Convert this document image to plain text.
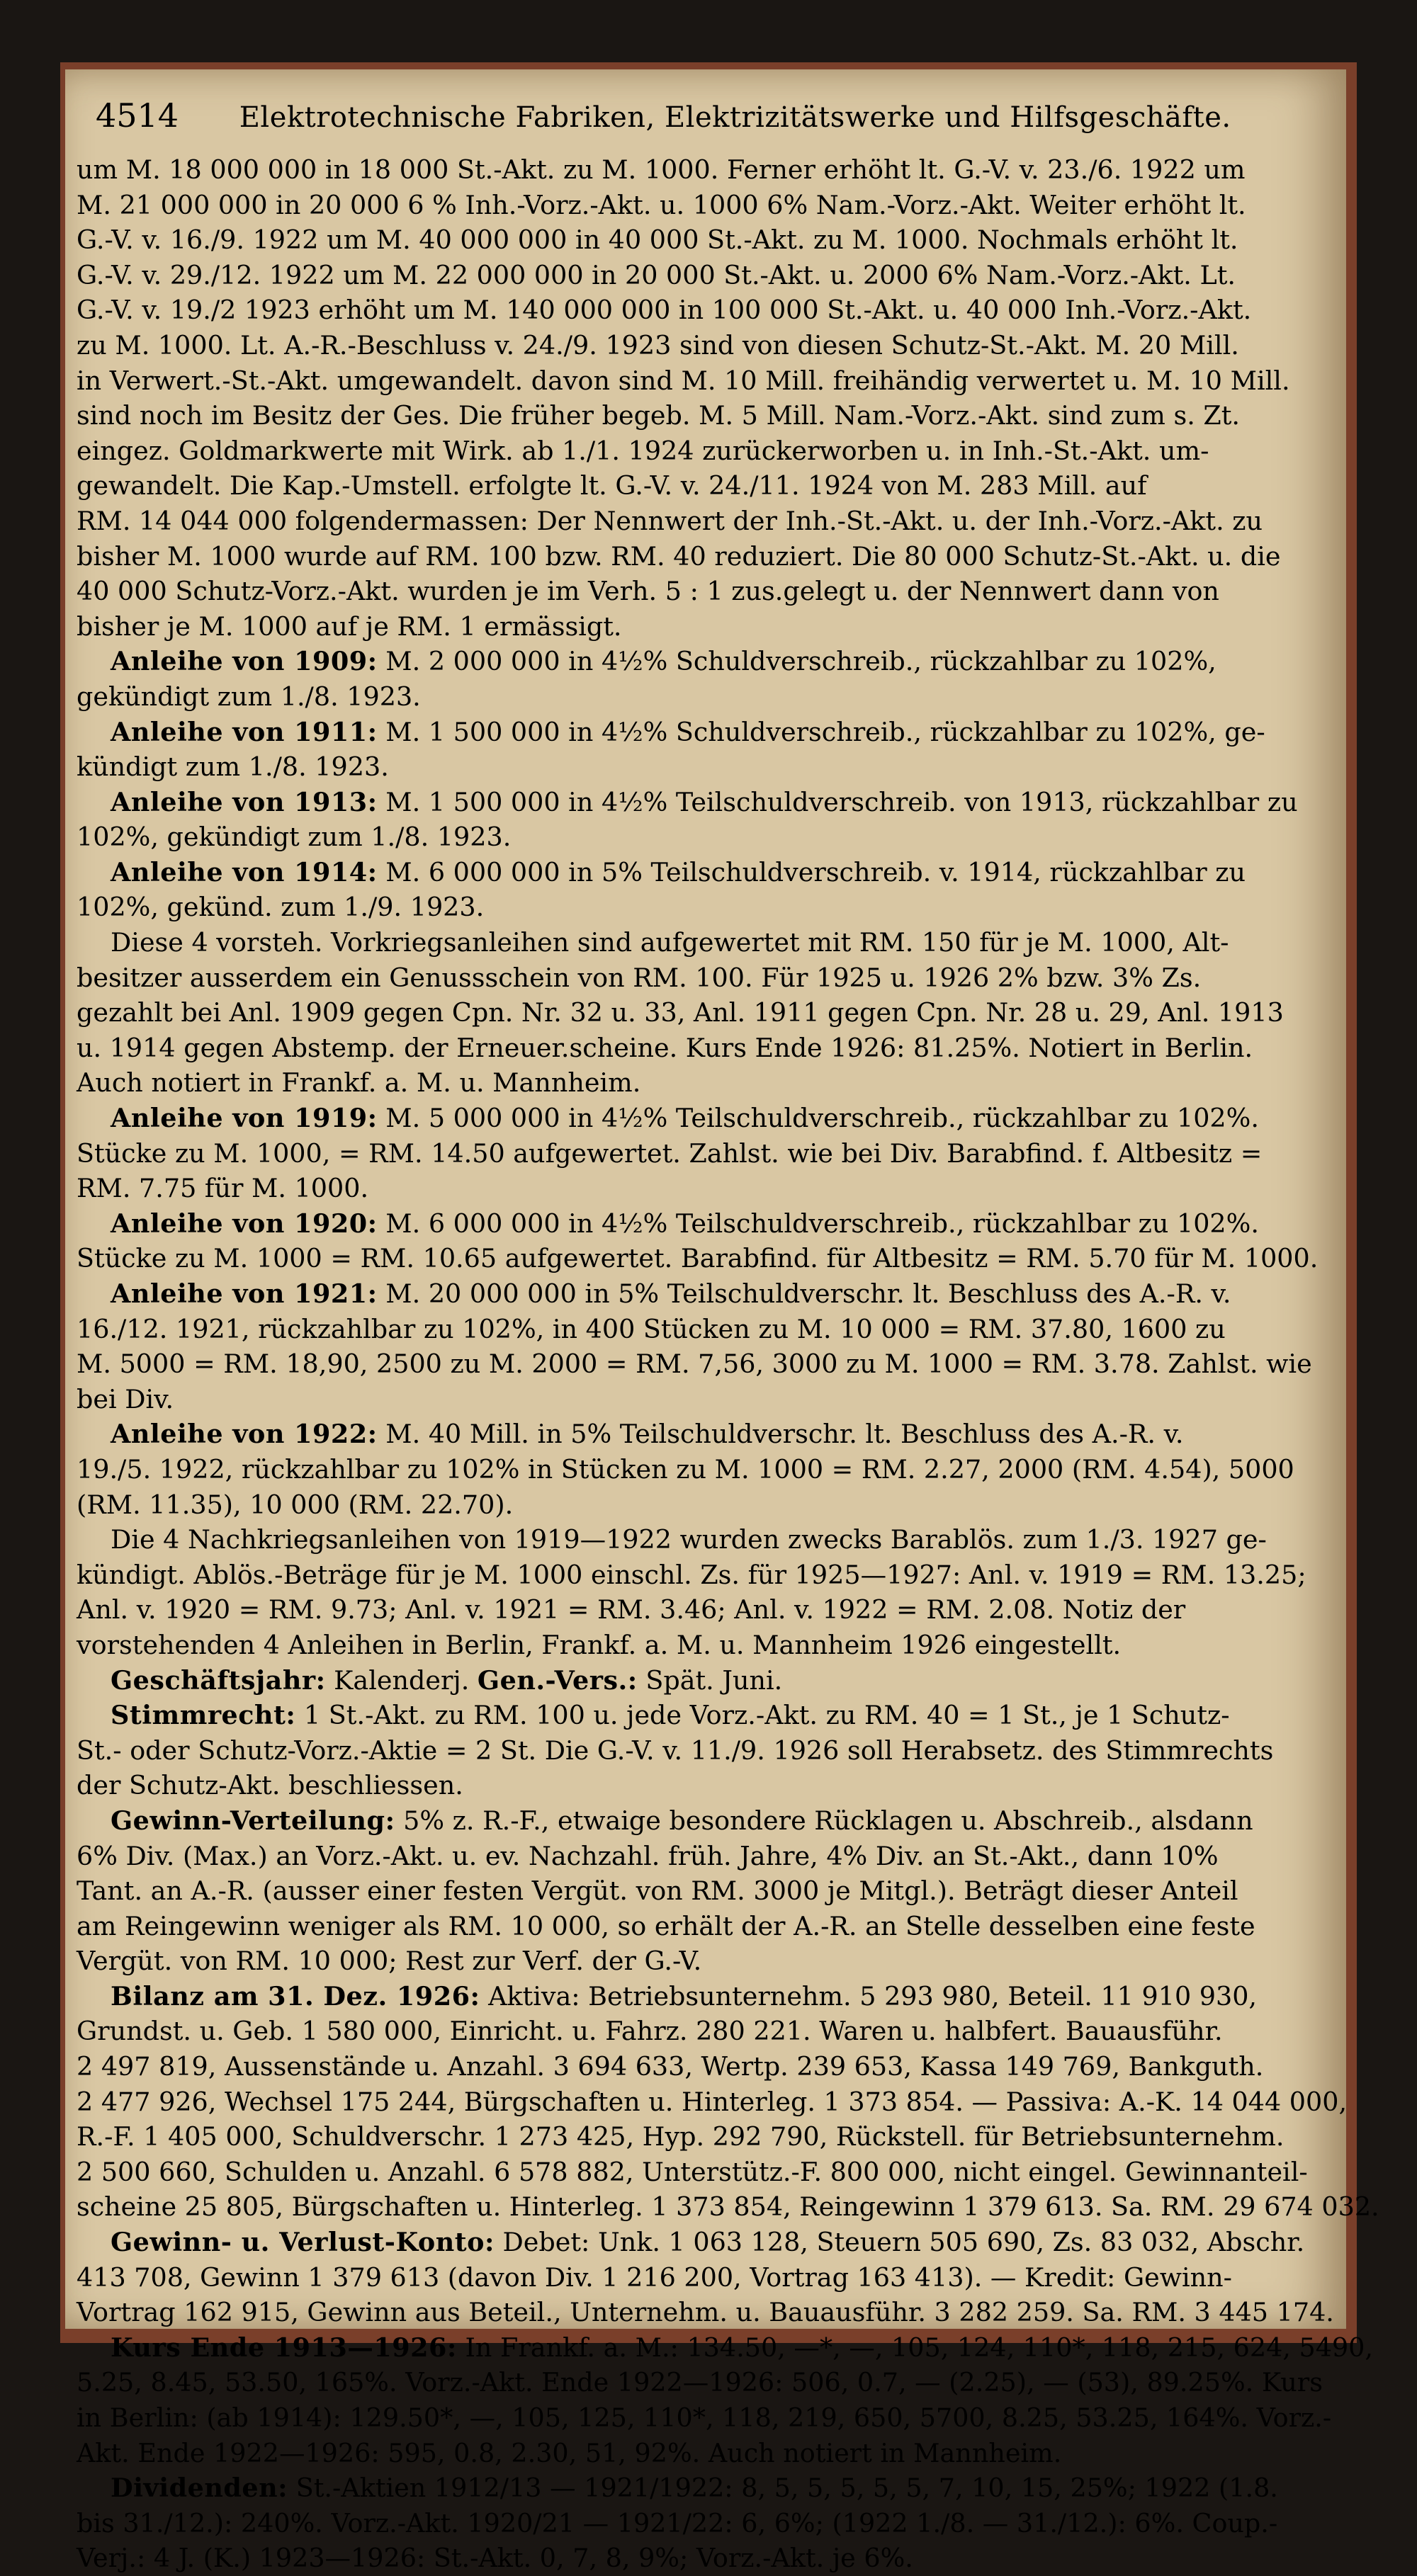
4514 Elektrotechnische Fabriken, Elektrizitätswerke und Hilfsgeschäfte.
um M. 18 000 000 in 18 000 St.-Akt. zu M. 1000. Ferner erhöht lt. G.-V. v. 23./6. 1922 um
M. 21 000 000 in 20 000 6 % Inh.-Vorz.-Akt. u. 1000 6% Nam.-Vorz.-Akt. Weiter erhöht lt.
G.-V. v. 16./9. 1922 um M. 40 000 000 in 40 000 St.-Akt. zu M. 1000. Nochmals erhöht lt.
G.-V. v. 29./12. 1922 um M. 22 000 000 in 20 000 St.-Akt. u. 2000 6% Nam.-Vorz.-Akt. Lt.
G.-V. v. 19./2 1923 erhöht um M. 140 000 000 in 100 000 St.-Akt. u. 40 000 Inh.-Vorz.-Akt.
zu M. 1000. Lt. A.-R.-Beschluss v. 24./9. 1923 sind von diesen Schutz-St.-Akt. M. 20 Mill.
in Verwert.-St.-Akt. umgewandelt. davon sind M. 10 Mill. freihändig verwertet u. M. 10 Mill.
sind noch im Besitz der Ges. Die früher begeb. M. 5 Mill. Nam.-Vorz.-Akt. sind zum s. Zt.
eingez. Goldmarkwerte mit Wirk. ab 1./1. 1924 zurückerworben u. in Inh.-St.-Akt. um-
gewandelt. Die Kap.-Umstell. erfolgte lt. G.-V. v. 24./11. 1924 von M. 283 Mill. auf
RM. 14 044 000 folgendermassen: Der Nennwert der Inh.-St.-Akt. u. der Inh.-Vorz.-Akt. zu
bisher M. 1000 wurde auf RM. 100 bzw. RM. 40 reduziert. Die 80 000 Schutz-St.-Akt. u. die
40 000 Schutz-Vorz.-Akt. wurden je im Verh. 5 : 1 zus.gelegt u. der Nennwert dann von
bisher je M. 1000 auf je RM. 1 ermässigt.
Anleihe von 1909: M. 2 000 000 in 4½% Schuldverschreib., rückzahlbar zu 102%,
gekündigt zum 1./8. 1923.
Anleihe von 1911: M. 1 500 000 in 4½% Schuldverschreib., rückzahlbar zu 102%, ge-
kündigt zum 1./8. 1923.
Anleihe von 1913: M. 1 500 000 in 4½% Teilschuldverschreib. von 1913, rückzahlbar zu
102%, gekündigt zum 1./8. 1923.
Anleihe von 1914: M. 6 000 000 in 5% Teilschuldverschreib. v. 1914, rückzahlbar zu
102%, gekünd. zum 1./9. 1923.
Diese 4 vorsteh. Vorkriegsanleihen sind aufgewertet mit RM. 150 für je M. 1000, Alt-
besitzer ausserdem ein Genussschein von RM. 100. Für 1925 u. 1926 2% bzw. 3% Zs.
gezahlt bei Anl. 1909 gegen Cpn. Nr. 32 u. 33, Anl. 1911 gegen Cpn. Nr. 28 u. 29, Anl. 1913
u. 1914 gegen Abstemp. der Erneuer.scheine. Kurs Ende 1926: 81.25%. Notiert in Berlin.
Auch notiert in Frankf. a. M. u. Mannheim.
Anleihe von 1919: M. 5 000 000 in 4½% Teilschuldverschreib., rückzahlbar zu 102%.
Stücke zu M. 1000, = RM. 14.50 aufgewertet. Zahlst. wie bei Div. Barabfind. f. Altbesitz =
RM. 7.75 für M. 1000.
Anleihe von 1920: M. 6 000 000 in 4½% Teilschuldverschreib., rückzahlbar zu 102%.
Stücke zu M. 1000 = RM. 10.65 aufgewertet. Barabfind. für Altbesitz = RM. 5.70 für M. 1000.
Anleihe von 1921: M. 20 000 000 in 5% Teilschuldverschr. lt. Beschluss des A.-R. v.
16./12. 1921, rückzahlbar zu 102%, in 400 Stücken zu M. 10 000 = RM. 37.80, 1600 zu
M. 5000 = RM. 18,90, 2500 zu M. 2000 = RM. 7,56, 3000 zu M. 1000 = RM. 3.78. Zahlst. wie
bei Div.
Anleihe von 1922: M. 40 Mill. in 5% Teilschuldverschr. lt. Beschluss des A.-R. v.
19./5. 1922, rückzahlbar zu 102% in Stücken zu M. 1000 = RM. 2.27, 2000 (RM. 4.54), 5000
(RM. 11.35), 10 000 (RM. 22.70).
Die 4 Nachkriegsanleihen von 1919—1922 wurden zwecks Barablös. zum 1./3. 1927 ge-
kündigt. Ablös.-Beträge für je M. 1000 einschl. Zs. für 1925—1927: Anl. v. 1919 = RM. 13.25;
Anl. v. 1920 = RM. 9.73; Anl. v. 1921 = RM. 3.46; Anl. v. 1922 = RM. 2.08. Notiz der
vorstehenden 4 Anleihen in Berlin, Frankf. a. M. u. Mannheim 1926 eingestellt.
Geschäftsjahr: Kalenderj. Gen.-Vers.: Spät. Juni.
Stimmrecht: 1 St.-Akt. zu RM. 100 u. jede Vorz.-Akt. zu RM. 40 = 1 St., je 1 Schutz-
St.- oder Schutz-Vorz.-Aktie = 2 St. Die G.-V. v. 11./9. 1926 soll Herabsetz. des Stimmrechts
der Schutz-Akt. beschliessen.
Gewinn-Verteilung: 5% z. R.-F., etwaige besondere Rücklagen u. Abschreib., alsdann
6% Div. (Max.) an Vorz.-Akt. u. ev. Nachzahl. früh. Jahre, 4% Div. an St.-Akt., dann 10%
Tant. an A.-R. (ausser einer festen Vergüt. von RM. 3000 je Mitgl.). Beträgt dieser Anteil
am Reingewinn weniger als RM. 10 000, so erhält der A.-R. an Stelle desselben eine feste
Vergüt. von RM. 10 000; Rest zur Verf. der G.-V.
Bilanz am 31. Dez. 1926: Aktiva: Betriebsunternehm. 5 293 980, Beteil. 11 910 930,
Grundst. u. Geb. 1 580 000, Einricht. u. Fahrz. 280 221. Waren u. halbfert. Bauausführ.
2 497 819, Aussenstände u. Anzahl. 3 694 633, Wertp. 239 653, Kassa 149 769, Bankguth.
2 477 926, Wechsel 175 244, Bürgschaften u. Hinterleg. 1 373 854. — Passiva: A.-K. 14 044 000,
R.-F. 1 405 000, Schuldverschr. 1 273 425, Hyp. 292 790, Rückstell. für Betriebsunternehm.
2 500 660, Schulden u. Anzahl. 6 578 882, Unterstütz.-F. 800 000, nicht eingel. Gewinnanteil-
scheine 25 805, Bürgschaften u. Hinterleg. 1 373 854, Reingewinn 1 379 613. Sa. RM. 29 674 032.
Gewinn- u. Verlust-Konto: Debet: Unk. 1 063 128, Steuern 505 690, Zs. 83 032, Abschr.
413 708, Gewinn 1 379 613 (davon Div. 1 216 200, Vortrag 163 413). — Kredit: Gewinn-
Vortrag 162 915, Gewinn aus Beteil., Unternehm. u. Bauausführ. 3 282 259. Sa. RM. 3 445 174.
Kurs Ende 1913—1926: In Frankf. a. M.: 134.50, —*, —, 105, 124, 110*, 118, 215, 624, 5490,
5.25, 8.45, 53.50, 165%. Vorz.-Akt. Ende 1922—1926: 506, 0.7, — (2.25), — (53), 89.25%. Kurs
in Berlin: (ab 1914): 129.50*, —, 105, 125, 110*, 118, 219, 650, 5700, 8.25, 53.25, 164%. Vorz.-
Akt. Ende 1922—1926: 595, 0.8, 2.30, 51, 92%. Auch notiert in Mannheim.
Dividenden: St.-Aktien 1912/13 — 1921/1922: 8, 5, 5, 5, 5, 5, 7, 10, 15, 25%; 1922 (1.8.
bis 31./12.): 240%. Vorz.-Akt. 1920/21 — 1921/22: 6, 6%; (1922 1./8. — 31./12.): 6%. Coup.-
Verj.: 4 J. (K.) 1923—1926: St.-Akt. 0, 7, 8, 9%; Vorz.-Akt. je 6%.
